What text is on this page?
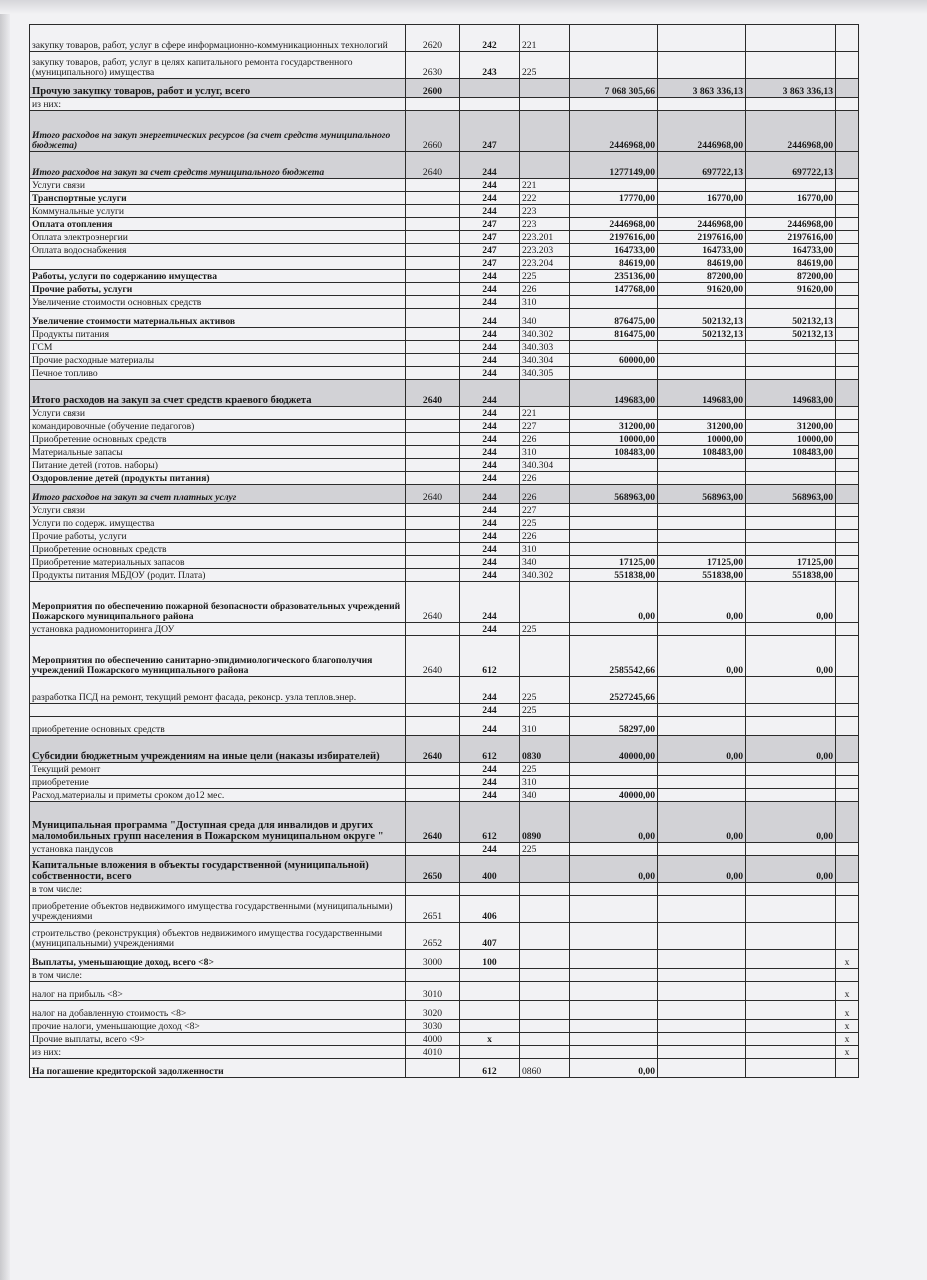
закупку товаров, работ, услуг в сфере информационно-коммуникационных технологий	2620	242	221				
закупку товаров, работ, услуг в целях капитального ремонта государственного (муниципального) имущества	2630	243	225				
Прочую закупку товаров, работ и услуг, всего	2600			7 068 305,66	3 863 336,13	3 863 336,13	
из них:							
Итого расходов на закуп энергетических ресурсов (за счет средств муниципального бюджета)	2660	247		2446968,00	2446968,00	2446968,00	
Итого расходов на закуп за счет средств муниципального бюджета	2640	244		1277149,00	697722,13	697722,13	
Услуги связи		244	221				
Транспортные услуги		244	222	17770,00	16770,00	16770,00	
Коммунальные услуги		244	223				
Оплата отопления		247	223	2446968,00	2446968,00	2446968,00	
Оплата электроэнергии		247	223.201	2197616,00	2197616,00	2197616,00	
Оплата водоснабжения		247	223.203	164733,00	164733,00	164733,00	
		247	223.204	84619,00	84619,00	84619,00	
Работы, услуги по содержанию имущества		244	225	235136,00	87200,00	87200,00	
Прочие работы, услуги		244	226	147768,00	91620,00	91620,00	
Увеличение стоимости основных средств		244	310				
Увеличение стоимости материальных активов		244	340	876475,00	502132,13	502132,13	
Продукты питания		244	340.302	816475,00	502132,13	502132,13	
ГСМ		244	340.303				
Прочие расходные материалы		244	340.304	60000,00			
Печное топливо		244	340.305				
Итого расходов на закуп за счет средств краевого бюджета	2640	244		149683,00	149683,00	149683,00	
Услуги связи		244	221				
командировочные (обучение педагогов)		244	227	31200,00	31200,00	31200,00	
Приобретение основных средств		244	226	10000,00	10000,00	10000,00	
Материальные запасы		244	310	108483,00	108483,00	108483,00	
Питание детей (готов. наборы)		244	340.304				
Оздоровление детей (продукты питания)		244	226				
Итого расходов на закуп за счет платных услуг	2640	244	226	568963,00	568963,00	568963,00	
Услуги связи		244	227				
Услуги по содерж. имущества		244	225				
Прочие работы, услуги		244	226				
Приобретение основных средств		244	310				
Приобретение материальных запасов		244	340	17125,00	17125,00	17125,00	
Продукты питания МБДОУ (родит. Плата)		244	340.302	551838,00	551838,00	551838,00	
Мероприятия по обеспечению пожарной безопасности образовательных учреждений Пожарского муниципального района	2640	244		0,00	0,00	0,00	
установка радиомониторинга ДОУ		244	225				
Мероприятия по обеспечению санитарно-эпидимиологического благополучия учреждений Пожарского муниципального района	2640	612		2585542,66	0,00	0,00	
разработка ПСД на ремонт, текущий ремонт фасада, реконср. узла теплов.энер.		244	225	2527245,66			
		244	225				
приобретение основных средств		244	310	58297,00			
Субсидии бюджетным учреждениям на иные цели (наказы избирателей)	2640	612	0830	40000,00	0,00	0,00	
Текущий ремонт		244	225				
приобретение		244	310				
Расход.материалы и приметы сроком до12 мес.		244	340	40000,00			
Муниципальная программа "Доступная среда для инвалидов и других маломобильных групп населения в Пожарском муниципальном округе "	2640	612	0890	0,00	0,00	0,00	
установка пандусов		244	225				
Капитальные вложения в объекты государственной (муниципальной) собственности, всего	2650	400		0,00	0,00	0,00	
в том числе:							
приобретение объектов недвижимого имущества государственными (муниципальными) учреждениями	2651	406					
строительство (реконструкция) объектов недвижимого имущества государственными (муниципальными) учреждениями	2652	407					
Выплаты, уменьшающие доход, всего <8>	3000	100					x
в том числе:							
налог на прибыль <8>	3010						x
налог на добавленную стоимость <8>	3020						x
прочие налоги, уменьшающие доход <8>	3030						x
Прочие выплаты, всего <9>	4000	x					x
из них:	4010						x
На погашение кредиторской задолженности		612	0860	0,00			
